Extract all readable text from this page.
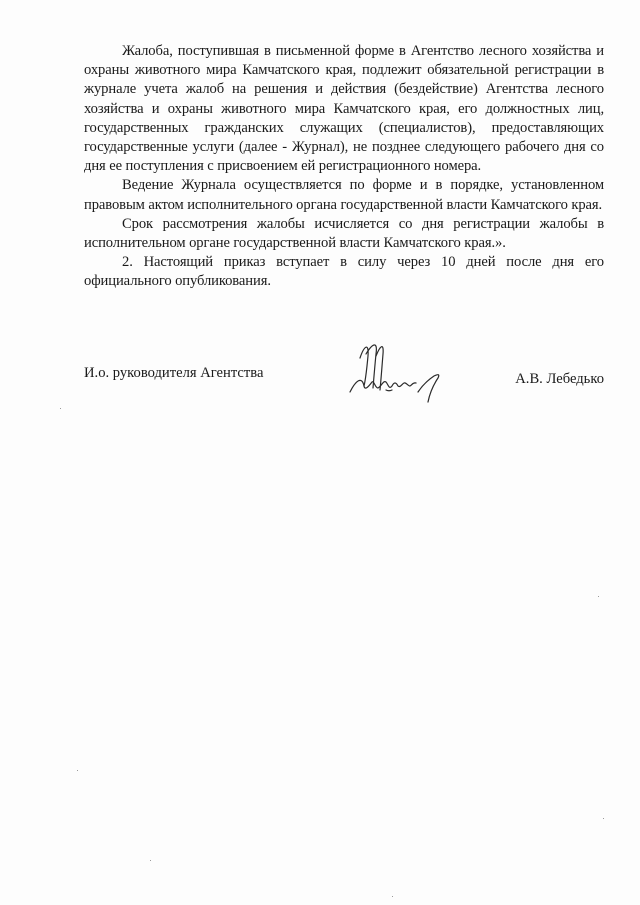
Жалоба, поступившая в письменной форме в Агентство лесного хозяйства и охраны животного мира Камчатского края, подлежит обязательной регистрации в журнале учета жалоб на решения и действия (бездействие) Агентства лесного хозяйства и охраны животного мира Камчатского края, его должностных лиц, государственных гражданских служащих (специалистов), предоставляющих государственные услуги (далее - Журнал), не позднее следующего рабочего дня со дня ее поступления с присвоением ей регистрационного номера.

Ведение Журнала осуществляется по форме и в порядке, установленном правовым актом исполнительного органа государственной власти Камчатского края.

Срок рассмотрения жалобы исчисляется со дня регистрации жалобы в исполнительном органе государственной власти Камчатского края.».

2. Настоящий приказ вступает в силу через 10 дней после дня его официального опубликования.

И.о. руководителя Агентства	А.В. Лебедько
